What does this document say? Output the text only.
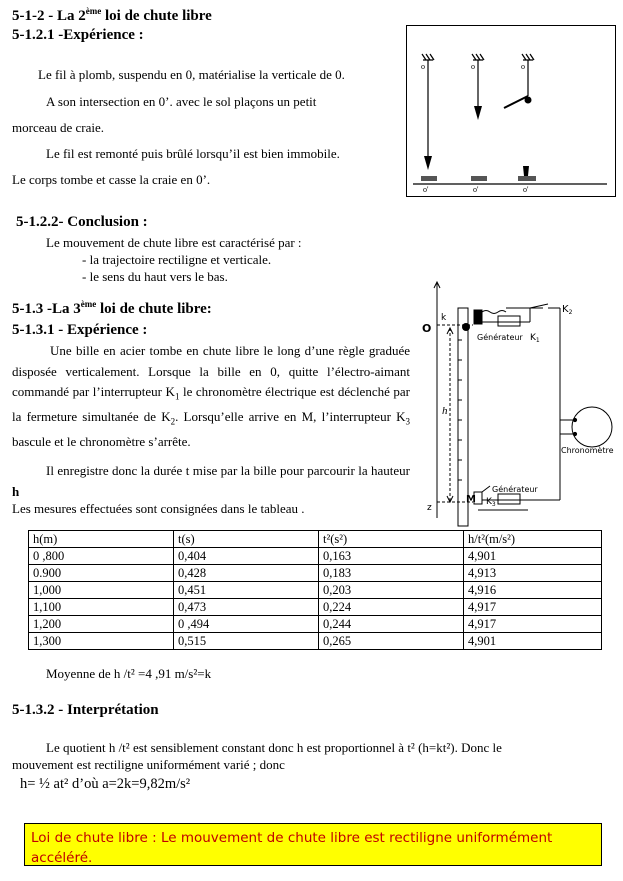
5-1-2 - La 2ème loi de chute libre
5-1.2.1 -Expérience :
Le fil à plomb, suspendu en 0, matérialise la verticale de 0.
A son intersection en 0’. avec le sol plaçons un petit
morceau de craie.
Le fil est remonté puis brûlé lorsqu’il est bien immobile.
Le corps tombe et casse la craie en 0’.
o	o	o
o'	o'	o'
5-1.2.2- Conclusion :
Le mouvement de chute libre est caractérisé par :
- la trajectoire rectiligne et verticale.
- le sens du haut vers le bas.
5-1.3 -La 3ème loi de chute libre:
5-1.3.1 - Expérience :
Une bille en acier tombe en chute libre le long d’une règle graduée disposée verticalement. Lorsque la bille en 0, quitte l’électro-aimant commandé par l’interrupteur $K_1$ le chronomètre électrique est déclenché par la fermeture simultanée de $K_2$. Lorsqu’elle arrive en M, l’interrupteur $K_3$ bascule et le chronomètre s’arrête.
Il enregistre donc la durée t mise par la bille pour parcourir la hauteur h
Les mesures effectuées sont consignées dans le tableau .
O
k
h
z
M
Générateur $K_1$
$K_2$
Générateur
$K_3$
Chronomètre
h(m)	t(s)	t²(s²)	h/t²(m/s²)
0 ,800	0,404	0,163	4,901
0.900	0,428	0,183	4,913
1,000	0,451	0,203	4,916
1,100	0,473	0,224	4,917
1,200	0 ,494	0,244	4,917
1,300	0,515	0,265	4,901
Moyenne de h /t² =4 ,91 m/s²=k
5-1.3.2 - Interprétation
Le quotient h /t² est sensiblement constant donc h est proportionnel à t² (h=kt²). Donc le
mouvement est rectiligne uniformément varié ; donc
h= ½ at² d’où a=2k=9,82m/s²
Loi de chute libre : Le mouvement de chute libre est rectiligne uniformément accéléré.
